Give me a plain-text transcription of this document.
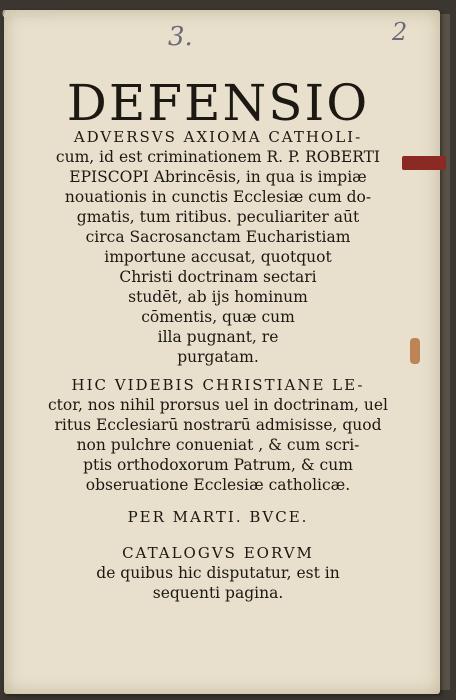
00035667
3.	2
DEFENSIO
ADVERSVS AXIOMA CATHOLI-
cum, id est criminationem R. P. ROBERTI
EPISCOPI Abrincēsis, in qua is impiæ
nouationis in cunctis Ecclesiæ cum do-
gmatis, tum ritibus. peculiariter aūt
circa Sacrosanctam Eucharistiam
importune accusat, quotquot
Christi doctrinam sectari
studēt, ab ijs hominum
cōmentis, quæ cum
illa pugnant, re
purgatam.
HIC VIDEBIS CHRISTIANE LE-
ctor, nos nihil prorsus uel in doctrinam, uel
ritus Ecclesiarū nostrarū admisisse, quod
non pulchre conueniat , & cum scri-
ptis orthodoxorum Patrum, & cum
obseruatione Ecclesiæ catholicæ.
PER MARTI. BVCE.
CATALOGVS EORVM
de quibus hic disputatur, est in
sequenti pagina.
